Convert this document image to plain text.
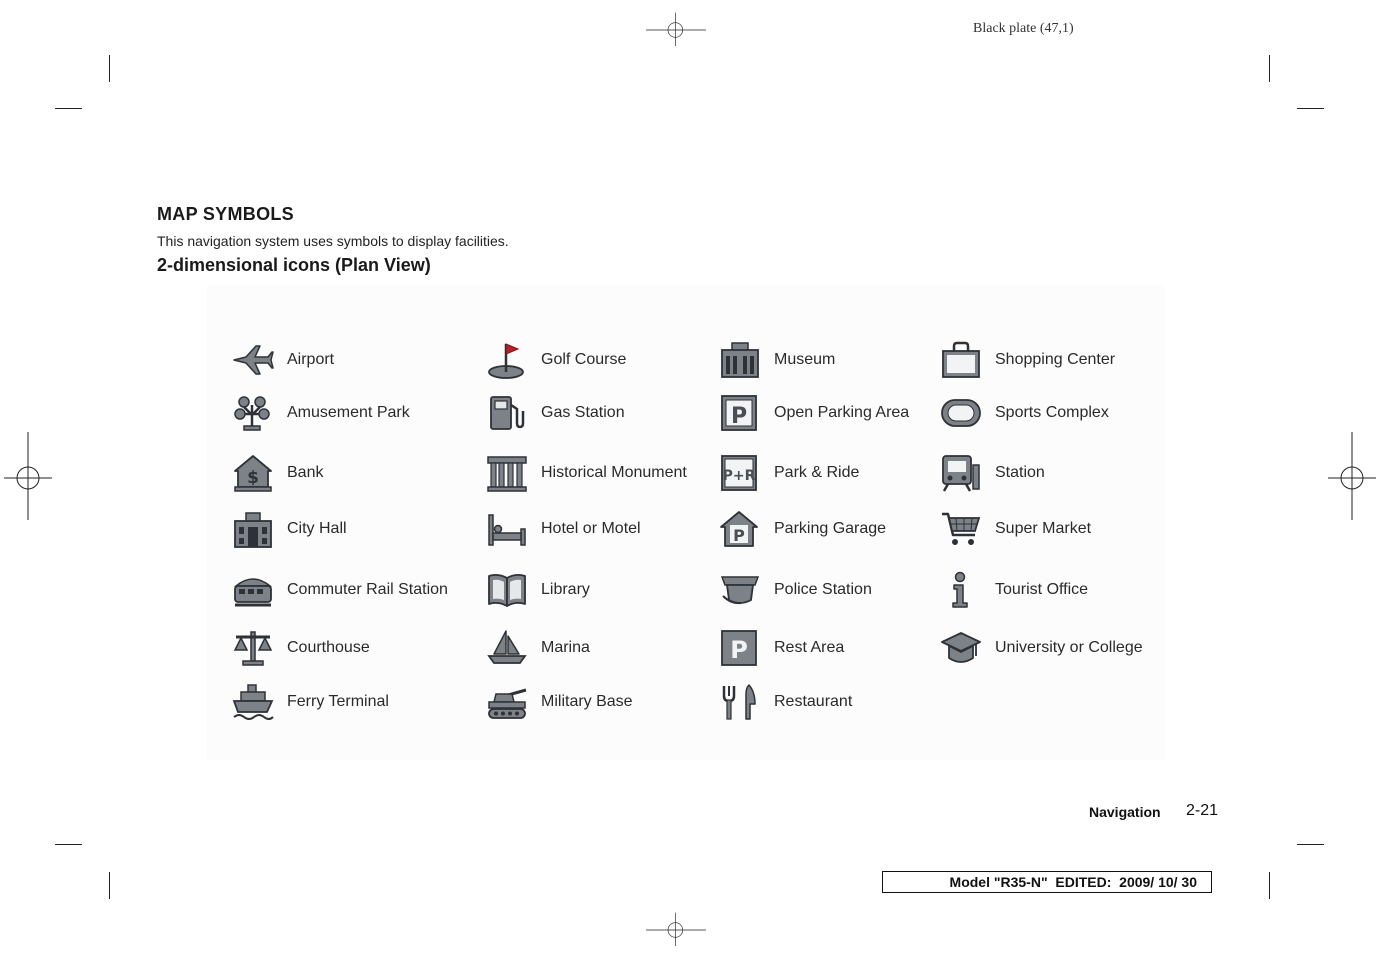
Black plate (47,1)
MAP SYMBOLS
This navigation system uses symbols to display facilities.
2-dimensional icons (Plan View)
Airport
Amusement Park
$ Bank
City Hall
Commuter Rail Station
Courthouse
Ferry Terminal
Golf Course
Gas Station
Historical Monument
Hotel or Motel
Library
Marina
Military Base
Museum
P Open Parking Area
P+R Park & Ride
P Parking Garage
Police Station
P Rest Area
Restaurant
Shopping Center
Sports Complex
Station
Super Market
Tourist Office
University or College
Navigation 2-21
Model "R35-N"  EDITED:  2009/ 10/ 30
